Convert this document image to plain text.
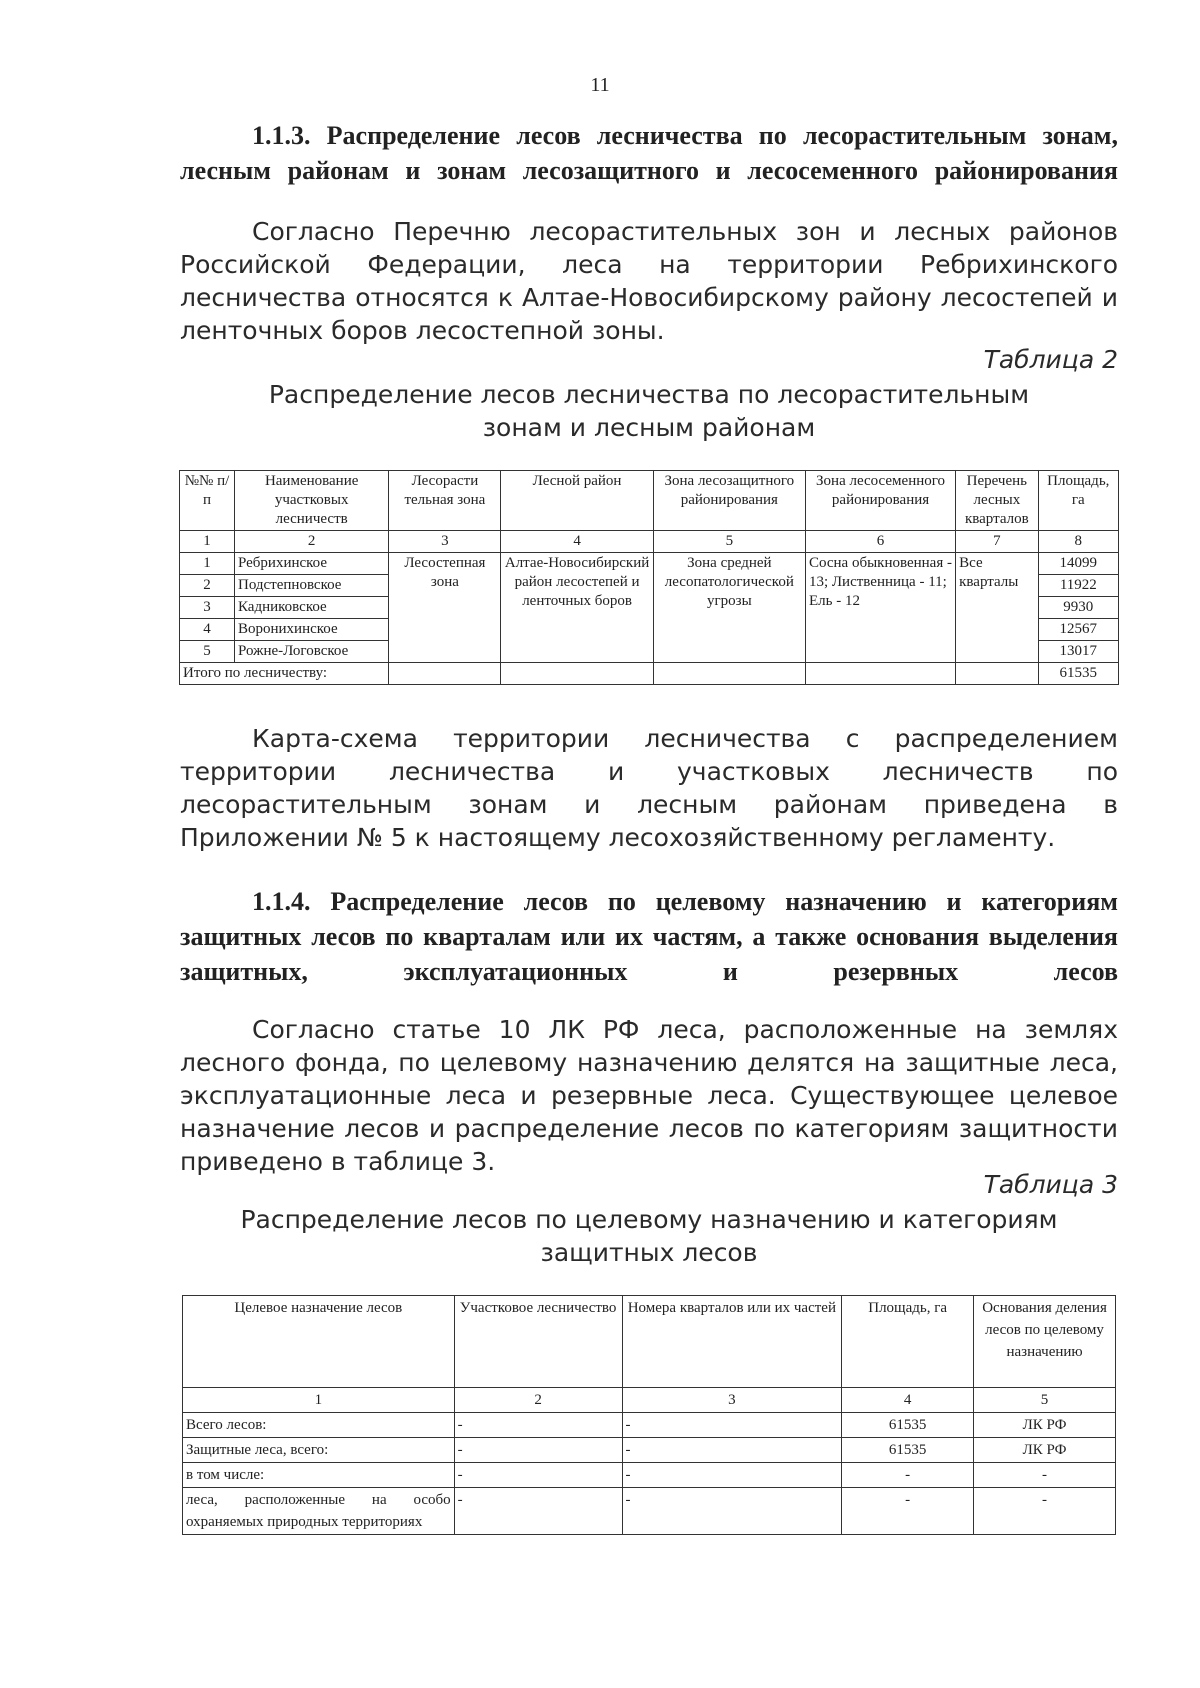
11
1.1.3. Распределение лесов лесничества по лесорастительным зонам, лесным районам и зонам лесозащитного и лесосеменного районирования
Согласно Перечню лесорастительных зон и лесных районов Российской Федерации, леса на территории Ребрихинского лесничества относятся к Алтае-Новосибирскому району лесостепей и ленточных боров лесостепной зоны.
Таблица 2
Распределение лесов лесничества по лесорастительным
зонам и лесным районам
№№ п/п	Наименование участковых лесничеств	Лесорасти тельная зона	Лесной район	Зона лесозащитного районирования	Зона лесосеменного районирования	Перечень лесных кварталов	Площадь, га
1	2	3	4	5	6	7	8
1	Ребрихинское	Лесостепная зона	Алтае-Новосибирский район лесостепей и ленточных боров	Зона средней лесопатологической угрозы	Сосна обыкновенная - 13; Лиственница - 11; Ель - 12	Все кварталы	14099
2	Подстепновское						11922
3	Кадниковское						9930
4	Воронихинское						12567
5	Рожне-Логовское						13017
Итого по лесничеству:							61535
Карта-схема территории лесничества с распределением территории лесничества и участковых лесничеств по лесорастительным зонам и лесным районам приведена в Приложении № 5 к настоящему лесохозяйственному регламенту.
1.1.4. Распределение лесов по целевому назначению и категориям защитных лесов по кварталам или их частям, а также основания выделения защитных, эксплуатационных и резервных лесов
Согласно статье 10 ЛК РФ леса, расположенные на землях лесного фонда, по целевому назначению делятся на защитные леса, эксплуатационные леса и резервные леса. Существующее целевое назначение лесов и распределение лесов по категориям защитности приведено в таблице 3.
Таблица 3
Распределение лесов по целевому назначению и категориям
защитных лесов
Целевое назначение лесов	Участковое лесничество	Номера кварталов или их частей	Площадь, га	Основания деления лесов по целевому назначению
1	2	3	4	5
Всего лесов:	-	-	61535	ЛК РФ
Защитные леса, всего:	-	-	61535	ЛК РФ
в том числе:	-	-	-	-
леса, расположенные на особо охраняемых природных территориях	-	-	-	-
